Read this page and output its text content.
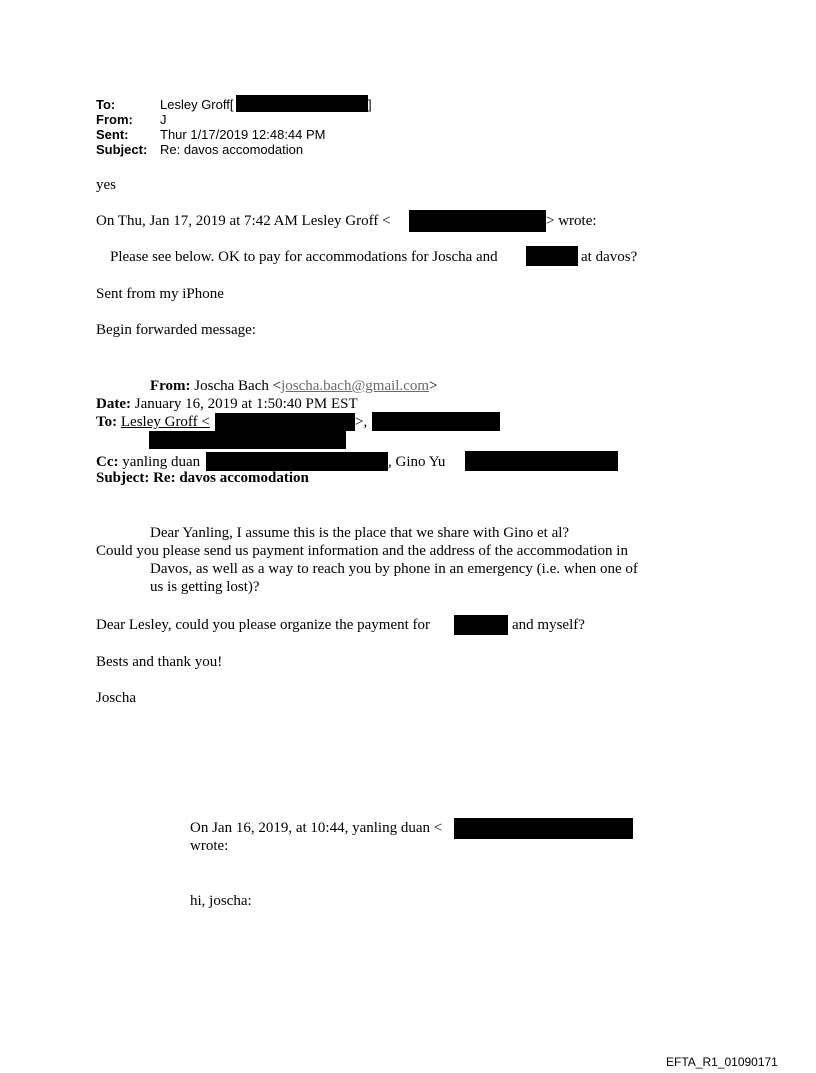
To:	Lesley Groff[	]
From: J
Sent: Thur 1/17/2019 12:48:44 PM
Subject: Re: davos accomodation
yes
On Thu, Jan 17, 2019 at 7:42 AM Lesley Groff <	> wrote:
Please see below. OK to pay for accommodations for Joscha and	at davos?
Sent from my iPhone
Begin forwarded message:
From: Joscha Bach <joscha.bach@gmail.com>
Date: January 16, 2019 at 1:50:40 PM EST
To: Lesley Groff <	>,
Cc: yanling duan	, Gino Yu
Subject: Re: davos accomodation
Dear Yanling, I assume this is the place that we share with Gino et al?
Could you please send us payment information and the address of the accommodation in
Davos, as well as a way to reach you by phone in an emergency (i.e. when one of
us is getting lost)?
Dear Lesley, could you please organize the payment for	and myself?
Bests and thank you!
Joscha
On Jan 16, 2019, at 10:44, yanling duan <
wrote:
hi, joscha:
EFTA_R1_01090171
